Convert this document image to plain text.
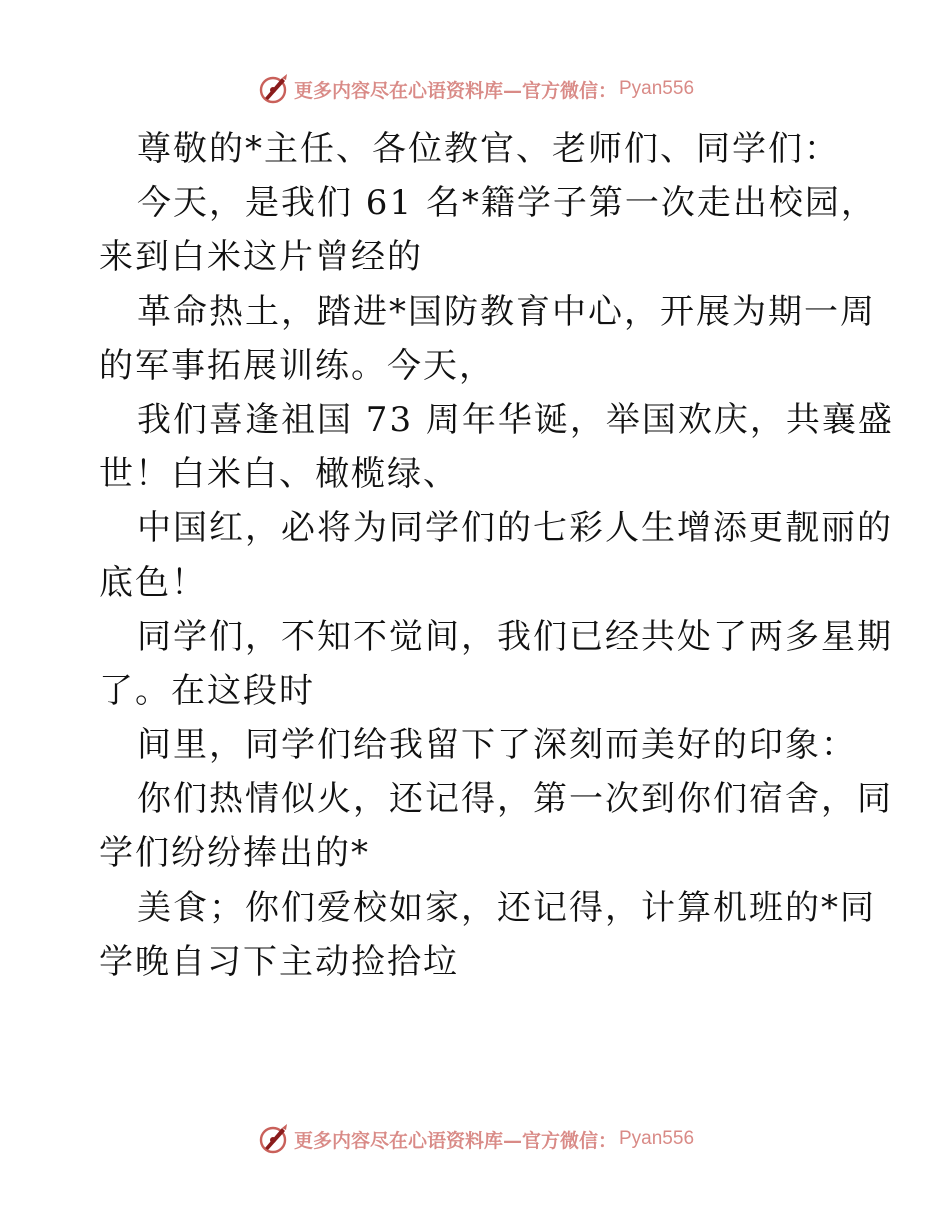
更多内容尽在心语资料库—官方微信： Pyan556
尊敬的*主任、各位教官、老师们、同学们：
今天，是我们 61 名*籍学子第一次走出校园，
来到白米这片曾经的
革命热土，踏进*国防教育中心，开展为期一周
的军事拓展训练。今天，
我们喜逢祖国 73 周年华诞，举国欢庆，共襄盛
世！白米白、橄榄绿、
中国红，必将为同学们的七彩人生增添更靓丽的
底色！
同学们，不知不觉间，我们已经共处了两多星期
了。在这段时
间里，同学们给我留下了深刻而美好的印象：
你们热情似火，还记得，第一次到你们宿舍，同
学们纷纷捧出的*
美食；你们爱校如家，还记得，计算机班的*同
学晚自习下主动捡拾垃
更多内容尽在心语资料库—官方微信： Pyan556
